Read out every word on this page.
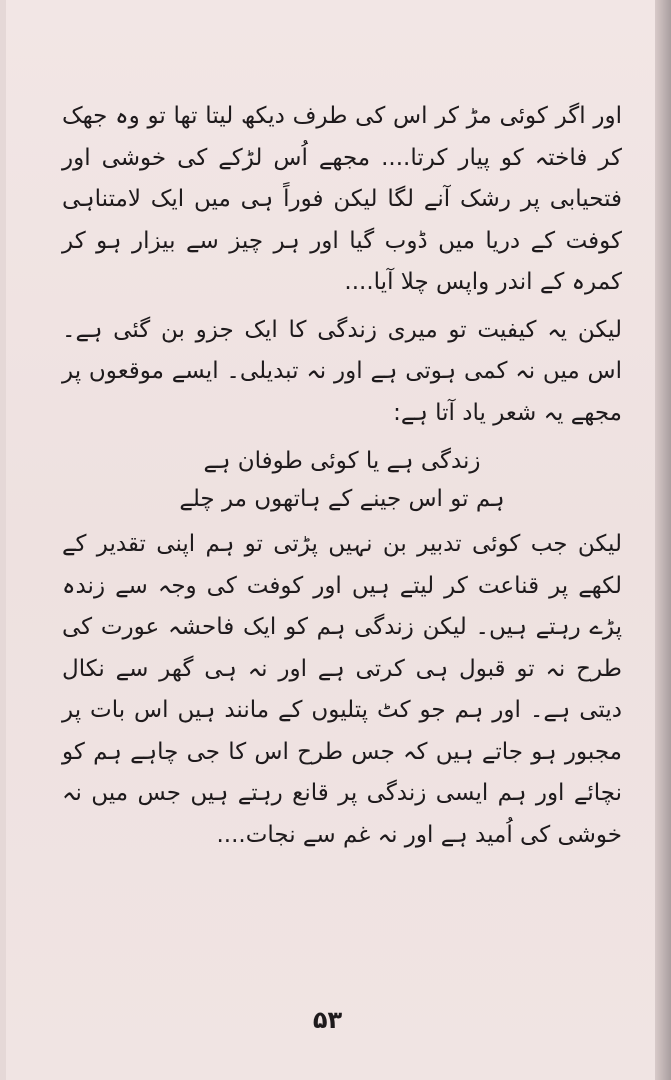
اور اگر کوئی مڑ کر اس کی طرف دیکھ لیتا تھا تو وہ جھک کر فاختہ کو پیار کرتا.... مجھے اُس لڑکے کی خوشی اور فتحیابی پر رشک آنے لگا لیکن فوراً ہی میں ایک لامتناہی کوفت کے دریا میں ڈوب گیا اور ہر چیز سے بیزار ہو کر کمرہ کے اندر واپس چلا آیا....

لیکن یہ کیفیت تو میری زندگی کا ایک جزو بن گئی ہے۔ اس میں نہ کمی ہوتی ہے اور نہ تبدیلی۔ ایسے موقعوں پر مجھے یہ شعر یاد آتا ہے:

زندگی ہے یا کوئی طوفان ہے
ہم تو اس جینے کے ہاتھوں مر چلے

لیکن جب کوئی تدبیر بن نہیں پڑتی تو ہم اپنی تقدیر کے لکھے پر قناعت کر لیتے ہیں اور کوفت کی وجہ سے زندہ پڑے رہتے ہیں۔ لیکن زندگی ہم کو ایک فاحشہ عورت کی طرح نہ تو قبول ہی کرتی ہے اور نہ ہی گھر سے نکال دیتی ہے۔ اور ہم جو کٹ پتلیوں کے مانند ہیں اس بات پر مجبور ہو جاتے ہیں کہ جس طرح اس کا جی چاہے ہم کو نچائے اور ہم ایسی زندگی پر قانع رہتے ہیں جس میں نہ خوشی کی اُمید ہے اور نہ غم سے نجات....

۵۳
